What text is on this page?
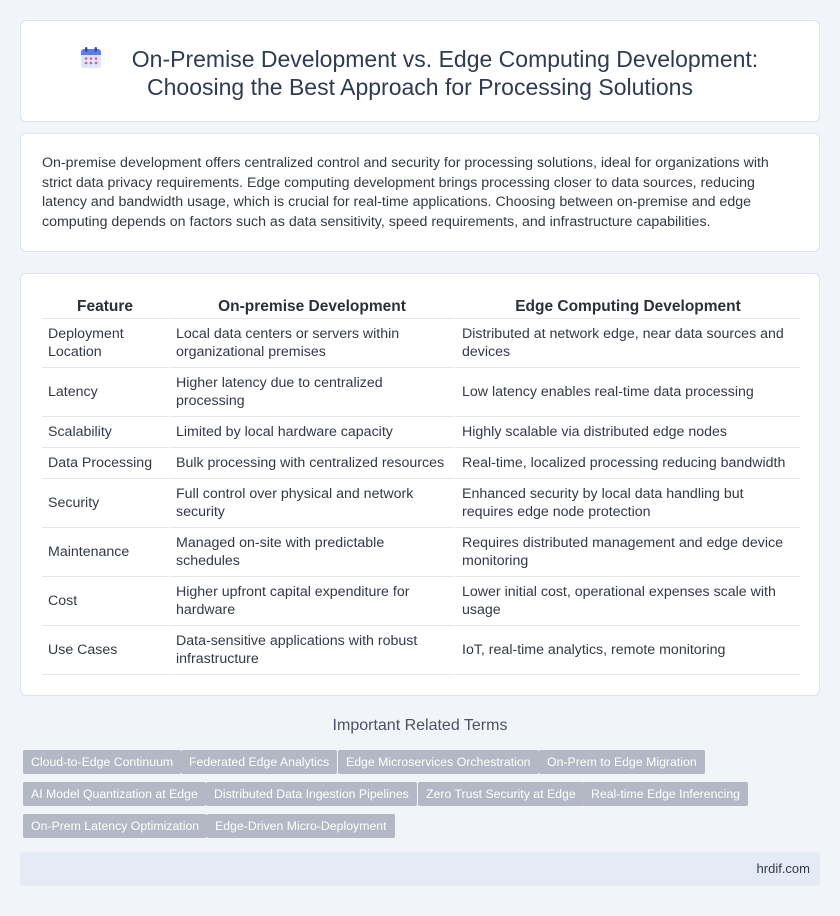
On-Premise Development vs. Edge Computing Development:
Choosing the Best Approach for Processing Solutions

On-premise development offers centralized control and security for processing solutions, ideal for organizations with strict data privacy requirements. Edge computing development brings processing closer to data sources, reducing latency and bandwidth usage, which is crucial for real-time applications. Choosing between on-premise and edge computing depends on factors such as data sensitivity, speed requirements, and infrastructure capabilities.

Feature	On-premise Development	Edge Computing Development
Deployment Location	Local data centers or servers within organizational premises	Distributed at network edge, near data sources and devices
Latency	Higher latency due to centralized processing	Low latency enables real-time data processing
Scalability	Limited by local hardware capacity	Highly scalable via distributed edge nodes
Data Processing	Bulk processing with centralized resources	Real-time, localized processing reducing bandwidth
Security	Full control over physical and network security	Enhanced security by local data handling but requires edge node protection
Maintenance	Managed on-site with predictable schedules	Requires distributed management and edge device monitoring
Cost	Higher upfront capital expenditure for hardware	Lower initial cost, operational expenses scale with usage
Use Cases	Data-sensitive applications with robust infrastructure	IoT, real-time analytics, remote monitoring
Important Related Terms
Cloud-to-Edge Continuum	Federated Edge Analytics	Edge Microservices Orchestration	On-Prem to Edge Migration
AI Model Quantization at Edge	Distributed Data Ingestion Pipelines	Zero Trust Security at Edge	Real-time Edge Inferencing
On-Prem Latency Optimization	Edge-Driven Micro-Deployment
hrdif.com
